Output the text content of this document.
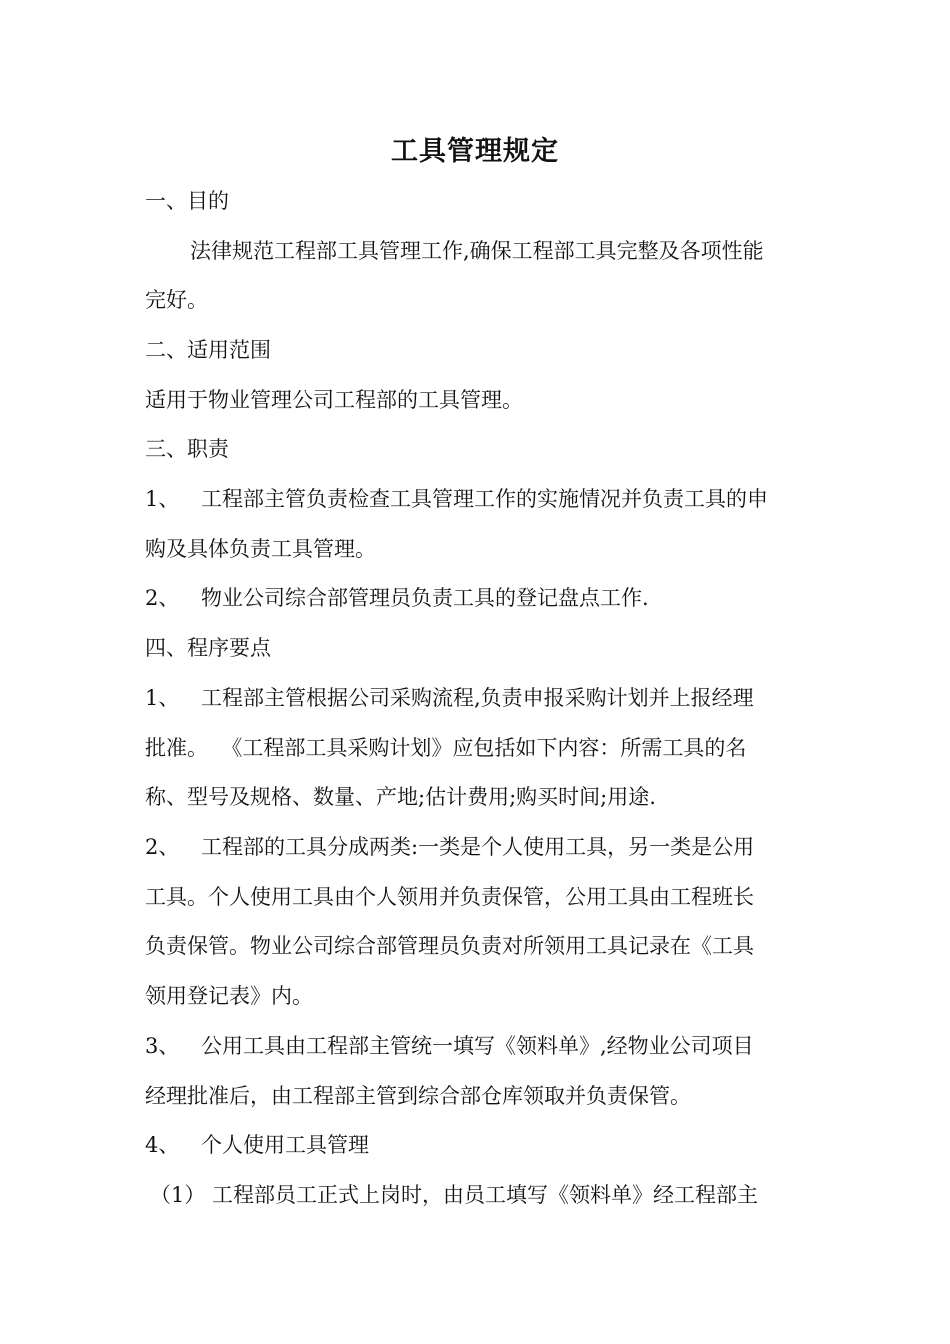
工具管理规定
一、目的
法律规范工程部工具管理工作,确保工程部工具完整及各项性能
完好。
二、适用范围
适用于物业管理公司工程部的工具管理。
三、职责
1、 工程部主管负责检查工具管理工作的实施情况并负责工具的申
购及具体负责工具管理。
2、 物业公司综合部管理员负责工具的登记盘点工作.
四、程序要点
1、 工程部主管根据公司采购流程,负责申报采购计划并上报经理
批准。  《工程部工具采购计划》应包括如下内容：所需工具的名
称、型号及规格、数量、产地;估计费用;购买时间;用途.
2、 工程部的工具分成两类:一类是个人使用工具，另一类是公用
工具。个人使用工具由个人领用并负责保管，公用工具由工程班长
负责保管。物业公司综合部管理员负责对所领用工具记录在《工具
领用登记表》内。
3、 公用工具由工程部主管统一填写《领料单》,经物业公司项目
经理批准后，由工程部主管到综合部仓库领取并负责保管。
4、 个人使用工具管理
（1） 工程部员工正式上岗时，由员工填写《领料单》经工程部主
